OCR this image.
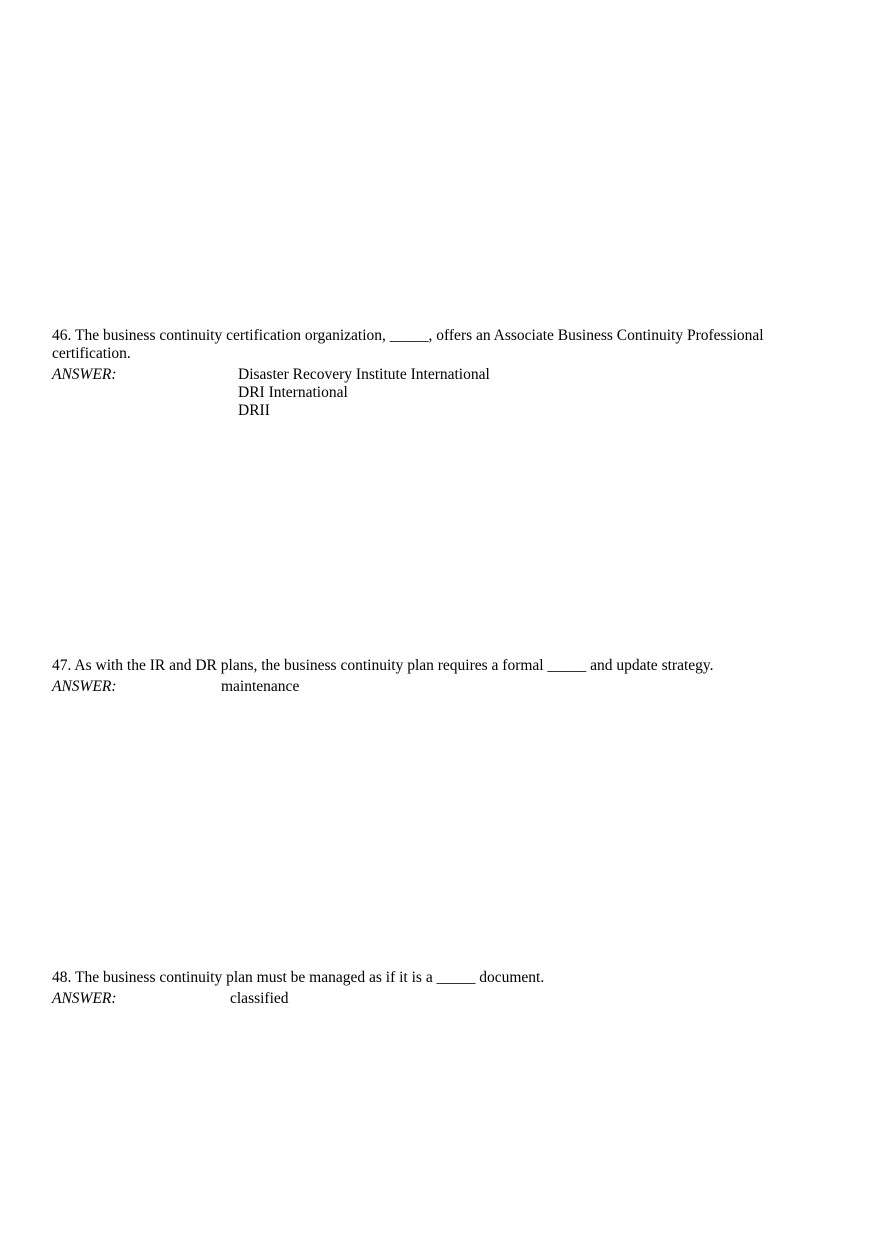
46. The business continuity certification organization, _____, offers an Associate Business Continuity Professional certification.

ANSWER:	Disaster Recovery Institute International
DRI International
DRII

47. As with the IR and DR plans, the business continuity plan requires a formal _____ and update strategy.

ANSWER:	maintenance

48. The business continuity plan must be managed as if it is a _____ document.

ANSWER:	classified
